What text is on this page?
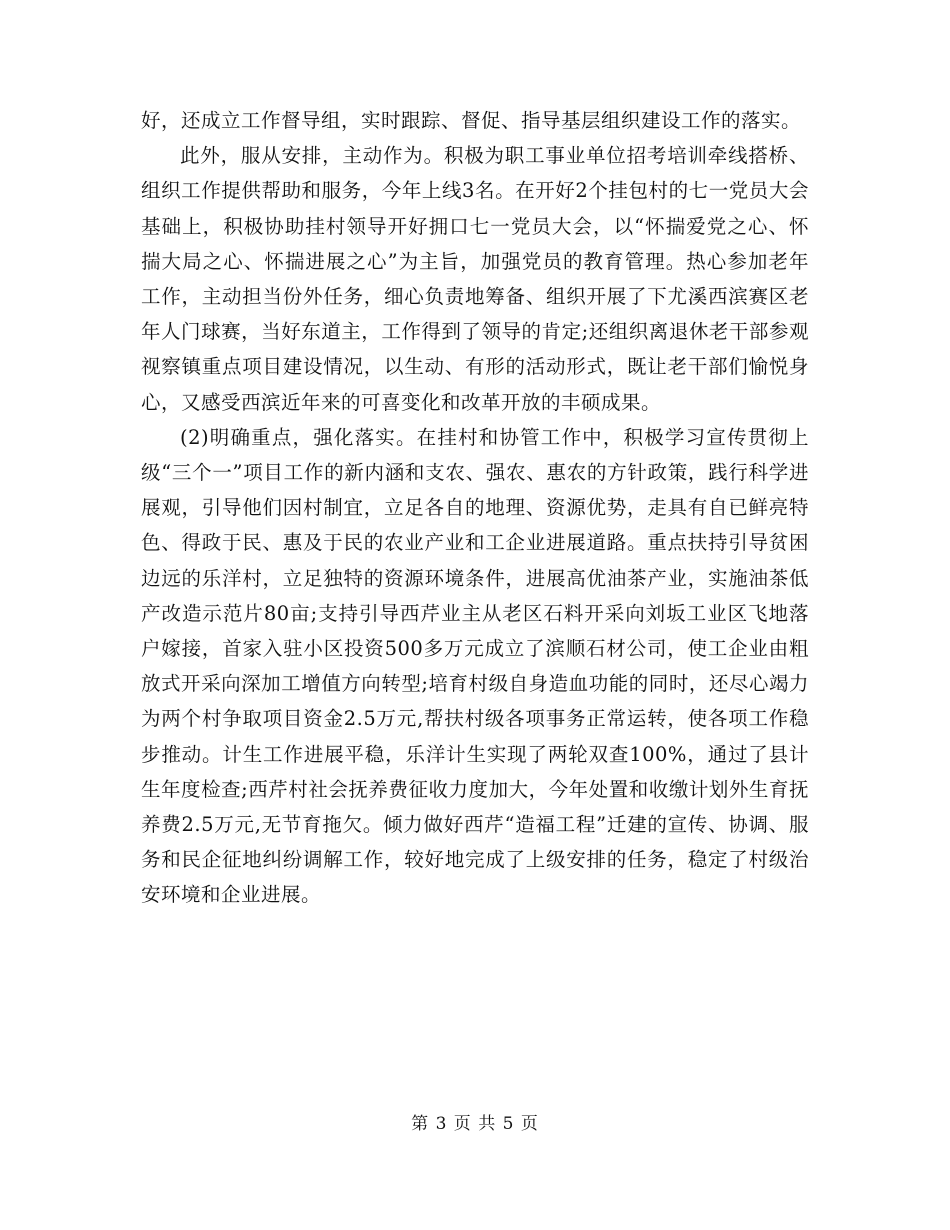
好，还成立工作督导组，实时跟踪、督促、指导基层组织建设工作的落实。

此外，服从安排，主动作为。积极为职工事业单位招考培训牵线搭桥、组织工作提供帮助和服务，今年上线3名。在开好2个挂包村的七一党员大会基础上，积极协助挂村领导开好拥口七一党员大会，以“怀揣爱党之心、怀揣大局之心、怀揣进展之心”为主旨，加强党员的教育管理。热心参加老年工作，主动担当份外任务，细心负责地筹备、组织开展了下尤溪西滨赛区老年人门球赛，当好东道主，工作得到了领导的肯定;还组织离退休老干部参观视察镇重点项目建设情况，以生动、有形的活动形式，既让老干部们愉悦身心，又感受西滨近年来的可喜变化和改革开放的丰硕成果。

(2)明确重点，强化落实。在挂村和协管工作中，积极学习宣传贯彻上级“三个一”项目工作的新内涵和支农、强农、惠农的方针政策，践行科学进展观，引导他们因村制宜，立足各自的地理、资源优势，走具有自已鲜亮特色、得政于民、惠及于民的农业产业和工企业进展道路。重点扶持引导贫困边远的乐洋村，立足独特的资源环境条件，进展高优油茶产业，实施油茶低产改造示范片80亩;支持引导西芹业主从老区石料开采向刘坂工业区飞地落户嫁接，首家入驻小区投资500多万元成立了滨顺石材公司，使工企业由粗放式开采向深加工增值方向转型;培育村级自身造血功能的同时，还尽心竭力为两个村争取项目资金2.5万元,帮扶村级各项事务正常运转，使各项工作稳步推动。计生工作进展平稳，乐洋计生实现了两轮双查100%，通过了县计生年度检查;西芹村社会抚养费征收力度加大，今年处置和收缴计划外生育抚养费2.5万元,无节育拖欠。倾力做好西芹“造福工程”迁建的宣传、协调、服务和民企征地纠纷调解工作，较好地完成了上级安排的任务，稳定了村级治安环境和企业进展。

第 3 页 共 5 页
